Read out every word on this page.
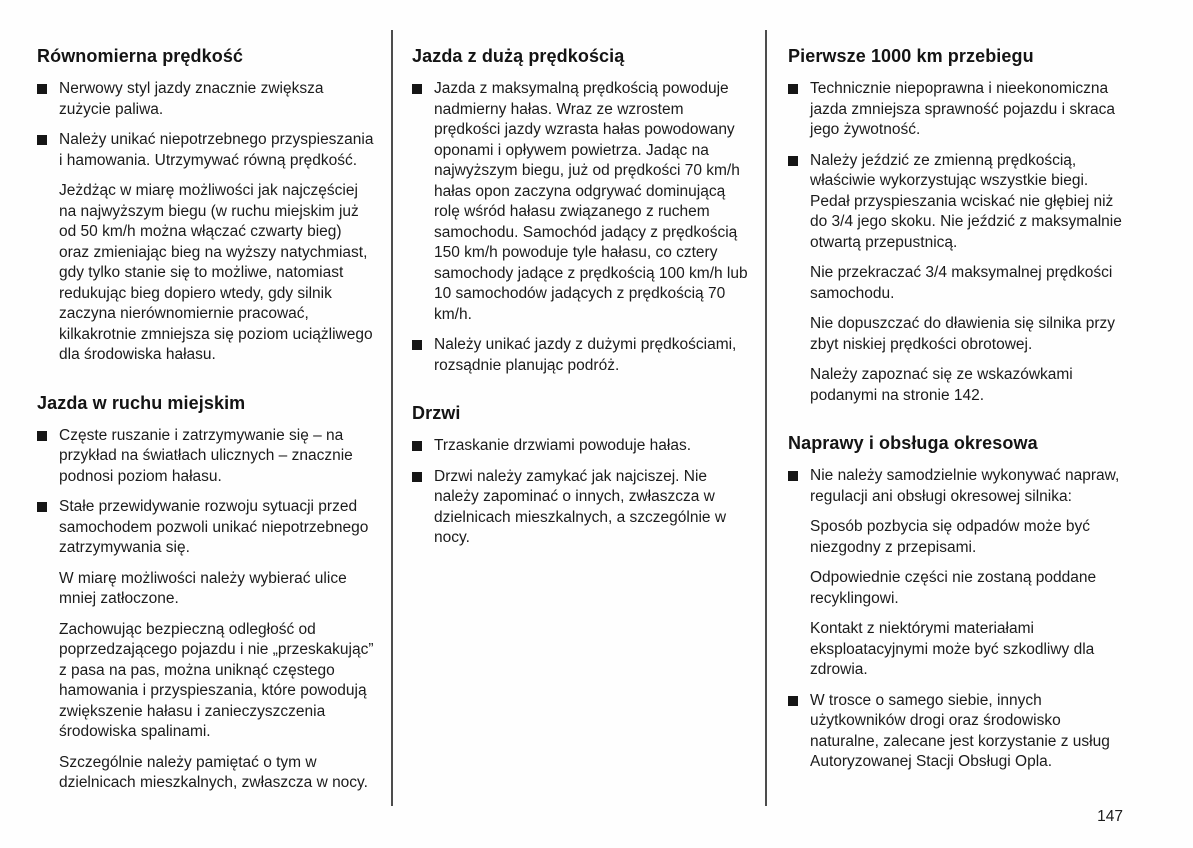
Równomierna prędkość
Nerwowy styl jazdy znacznie zwiększa zużycie paliwa.
Należy unikać niepotrzebnego przyspieszania i hamowania. Utrzymywać równą prędkość.
Jeżdżąc w miarę możliwości jak najczęściej na najwyższym biegu (w ruchu miejskim już od 50 km/h można włączać czwarty bieg) oraz zmieniając bieg na wyższy natychmiast, gdy tylko stanie się to możliwe, natomiast redukując bieg dopiero wtedy, gdy silnik zaczyna nierównomiernie pracować, kilkakrotnie zmniejsza się poziom uciążliwego dla środowiska hałasu.
Jazda w ruchu miejskim
Częste ruszanie i zatrzymywanie się – na przykład na światłach ulicznych – znacznie podnosi poziom hałasu.
Stałe przewidywanie rozwoju sytuacji przed samochodem pozwoli unikać niepotrzebnego zatrzymywania się.
W miarę możliwości należy wybierać ulice mniej zatłoczone.
Zachowując bezpieczną odległość od poprzedzającego pojazdu i nie „przeskakując” z pasa na pas, można uniknąć częstego hamowania i przyspieszania, które powodują zwiększenie hałasu i zanieczyszczenia środowiska spalinami.
Szczególnie należy pamiętać o tym w dzielnicach mieszkalnych, zwłaszcza w nocy.
Jazda z dużą prędkością
Jazda z maksymalną prędkością powoduje nadmierny hałas. Wraz ze wzrostem prędkości jazdy wzrasta hałas powodowany oponami i opływem powietrza. Jadąc na najwyższym biegu, już od prędkości 70 km/h hałas opon zaczyna odgrywać dominującą rolę wśród hałasu związanego z ruchem samochodu. Samochód jadący z prędkością 150 km/h powoduje tyle hałasu, co cztery samochody jadące z prędkością 100 km/h lub 10 samochodów jadących z prędkością 70 km/h.
Należy unikać jazdy z dużymi prędkościami, rozsądnie planując podróż.
Drzwi
Trzaskanie drzwiami powoduje hałas.
Drzwi należy zamykać jak najciszej. Nie należy zapominać o innych, zwłaszcza w dzielnicach mieszkalnych, a szczególnie w nocy.
Pierwsze 1000 km przebiegu
Technicznie niepoprawna i nieekonomiczna jazda zmniejsza sprawność pojazdu i skraca jego żywotność.
Należy jeździć ze zmienną prędkością, właściwie wykorzystując wszystkie biegi. Pedał przyspieszania wciskać nie głębiej niż do 3/4 jego skoku. Nie jeździć z maksymalnie otwartą przepustnicą.
Nie przekraczać 3/4 maksymalnej prędkości samochodu.
Nie dopuszczać do dławienia się silnika przy zbyt niskiej prędkości obrotowej.
Należy zapoznać się ze wskazówkami podanymi na stronie 142.
Naprawy i obsługa okresowa
Nie należy samodzielnie wykonywać napraw, regulacji ani obsługi okresowej silnika:
Sposób pozbycia się odpadów może być niezgodny z przepisami.
Odpowiednie części nie zostaną poddane recyklingowi.
Kontakt z niektórymi materiałami eksploatacyjnymi może być szkodliwy dla zdrowia.
W trosce o samego siebie, innych użytkowników drogi oraz środowisko naturalne, zalecane jest korzystanie z usług Autoryzowanej Stacji Obsługi Opla.
147
